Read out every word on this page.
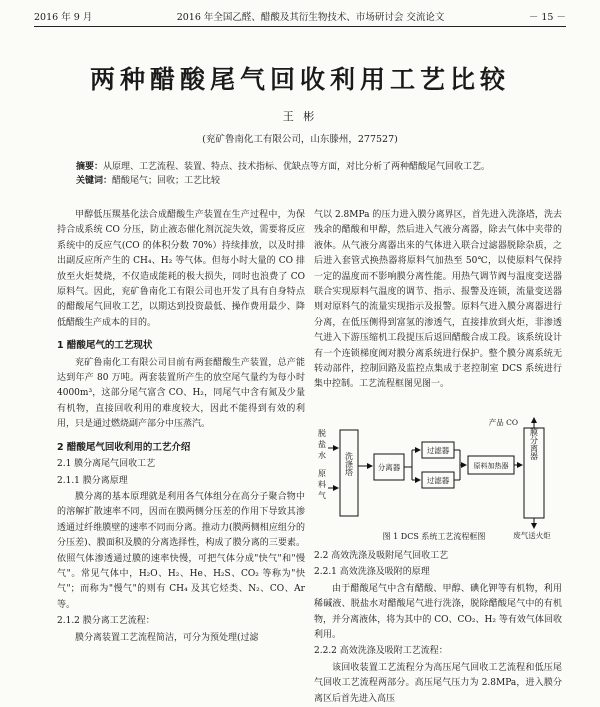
2016 年 9 月	2016 年全国乙醛、醋酸及其衍生物技术、市场研讨会 交流论文	－ 15 －
两种醋酸尾气回收利用工艺比较
王 彬
(兖矿鲁南化工有限公司，山东滕州，277527)
摘要：从原理、工艺流程、装置、特点、技术指标、优缺点等方面，对比分析了两种醋酸尾气回收工艺。
关键词：醋酸尾气；回收；工艺比较

甲醇低压羰基化法合成醋酸生产装置在生产过程中，为保持合成系统 CO 分压，防止液态催化剂沉淀失效，需要将反应系统中的反应气(CO 的体积分数 70%）持续排放，以及时排出副反应所产生的 CH₄、H₂ 等气体。但每小时大量的 CO 排放至火炬焚烧，不仅造成能耗的极大损失，同时也浪费了 CO 原料气。因此，兖矿鲁南化工有限公司也开发了具有自身特点的醋酸尾气回收工艺，以期达到投资最低、操作费用最少、降低醋酸生产成本的目的。

1 醋酸尾气的工艺现状

兖矿鲁南化工有限公司目前有两套醋酸生产装置，总产能达到年产 80 万吨。两套装置所产生的放空尾气量约为每小时 4000m³，这部分尾气富含 CO、H₂，同尾气中含有氮及少量有机物，直接回收利用的难度较大，因此不能得到有效的利用，只是通过燃烧副产部分中压蒸汽。

2 醋酸尾气回收利用的工艺介绍

2.1 膜分离尾气回收工艺

2.1.1 膜分离原理

膜分离的基本原理就是利用各气体组分在高分子聚合物中的溶解扩散速率不同，因而在膜两侧分压差的作用下导致其渗透通过纤维膜壁的速率不同而分离。推动力(膜两侧相应组分的分压差)、膜面积及膜的分离选择性，构成了膜分离的三要素。依照气体渗透通过膜的速率快慢，可把气体分成"快气"和"慢气"。常见气体中，H₂O、H₂、He、H₂S、CO₂ 等称为"快气"；而称为"慢气"的则有 CH₄ 及其它烃类、N₂、CO、Ar 等。

2.1.2 膜分离工艺流程：

膜分离装置工艺流程简洁，可分为预处理(过滤

气以 2.8MPa 的压力进入膜分离界区，首先进入洗涤塔，洗去残余的醋酸和甲醇，然后进入气液分离器，除去气体中夹带的液体。从气液分离器出来的气体进入联合过滤器脱除杂质，之后进入套管式换热器将原料气加热至 50℃，以使原料气保持一定的温度而不影响膜分离性能。用热气调节阀与温度变送器联合实现原料气温度的调节、指示、报警及连锁，流量变送器则对原料气的流量实现指示及报警。原料气进入膜分离器进行分离，在低压侧得到富氢的渗透气，直接排放到火炬，非渗透气进入下游压缩机工段提压后返回醋酸合成工段。该系统设计有一个连锁梯度阀对膜分离系统进行保护。整个膜分离系统无转动部件，控制回路及监控点集成于老控制室 DCS 系统进行集中控制。工艺流程框图见图一。

脱
盐
水
原
料
气
洗涤塔	分离器
过滤器
过滤器
原料加热器
膜分离器
产品 CO
废气送火炬
图 1 DCS 系统工艺流程框图

2.2 高效洗涤及吸附尾气回收工艺

2.2.1 高效洗涤及吸附的原理

由于醋酸尾气中含有醋酸、甲醇、碘化钾等有机物，利用稀碱液、脱盐水对醋酸尾气进行洗涤，脱除醋酸尾气中的有机物，并分离液体，将为其中的 CO、CO₂、H₂ 等有效气体回收利用。

2.2.2 高效洗涤及吸附工艺流程：

该回收装置工艺流程分为高压尾气回收工艺流程和低压尾气回收工艺流程两部分。高压尾气压力为 2.8MPa，进入膜分离区后首先进入高压
